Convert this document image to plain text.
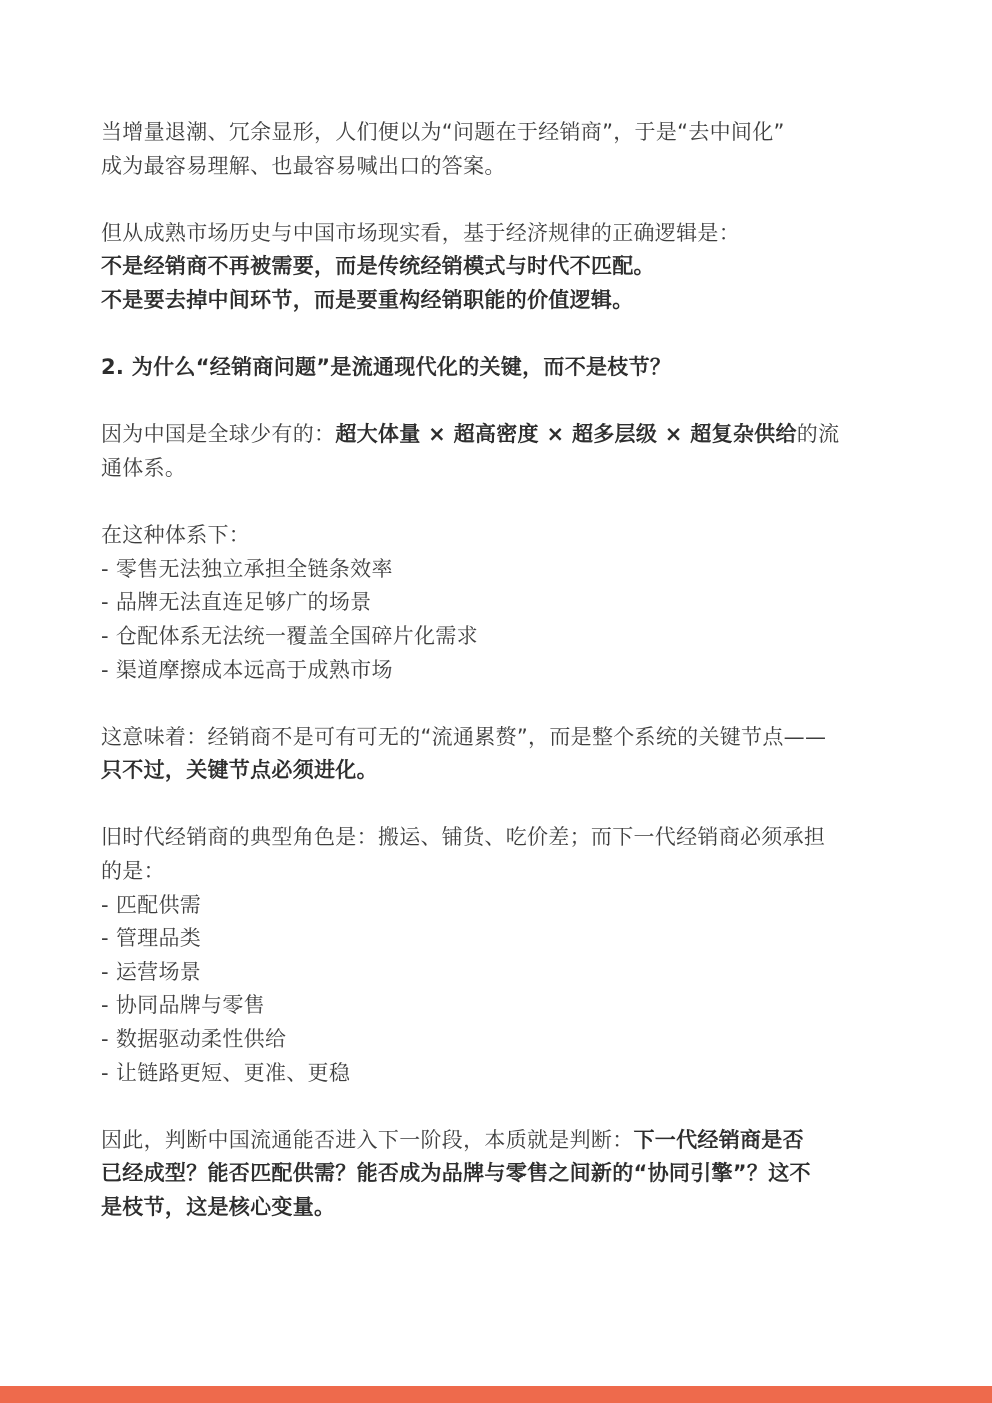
当增量退潮、冗余显形，人们便以为“问题在于经销商”，于是“去中间化”
成为最容易理解、也最容易喊出口的答案。

但从成熟市场历史与中国市场现实看，基于经济规律的正确逻辑是：
不是经销商不再被需要，而是传统经销模式与时代不匹配。
不是要去掉中间环节，而是要重构经销职能的价值逻辑。

2. 为什么“经销商问题”是流通现代化的关键，而不是枝节？

因为中国是全球少有的：超大体量 × 超高密度 × 超多层级 × 超复杂供给的流
通体系。

在这种体系下：
- 零售无法独立承担全链条效率
- 品牌无法直连足够广的场景
- 仓配体系无法统一覆盖全国碎片化需求
- 渠道摩擦成本远高于成熟市场

这意味着：经销商不是可有可无的“流通累赘”，而是整个系统的关键节点——
只不过，关键节点必须进化。

旧时代经销商的典型角色是：搬运、铺货、吃价差；而下一代经销商必须承担
的是：
- 匹配供需
- 管理品类
- 运营场景
- 协同品牌与零售
- 数据驱动柔性供给
- 让链路更短、更准、更稳

因此，判断中国流通能否进入下一阶段，本质就是判断：下一代经销商是否
已经成型？能否匹配供需？能否成为品牌与零售之间新的“协同引擎”？这不
是枝节，这是核心变量。
